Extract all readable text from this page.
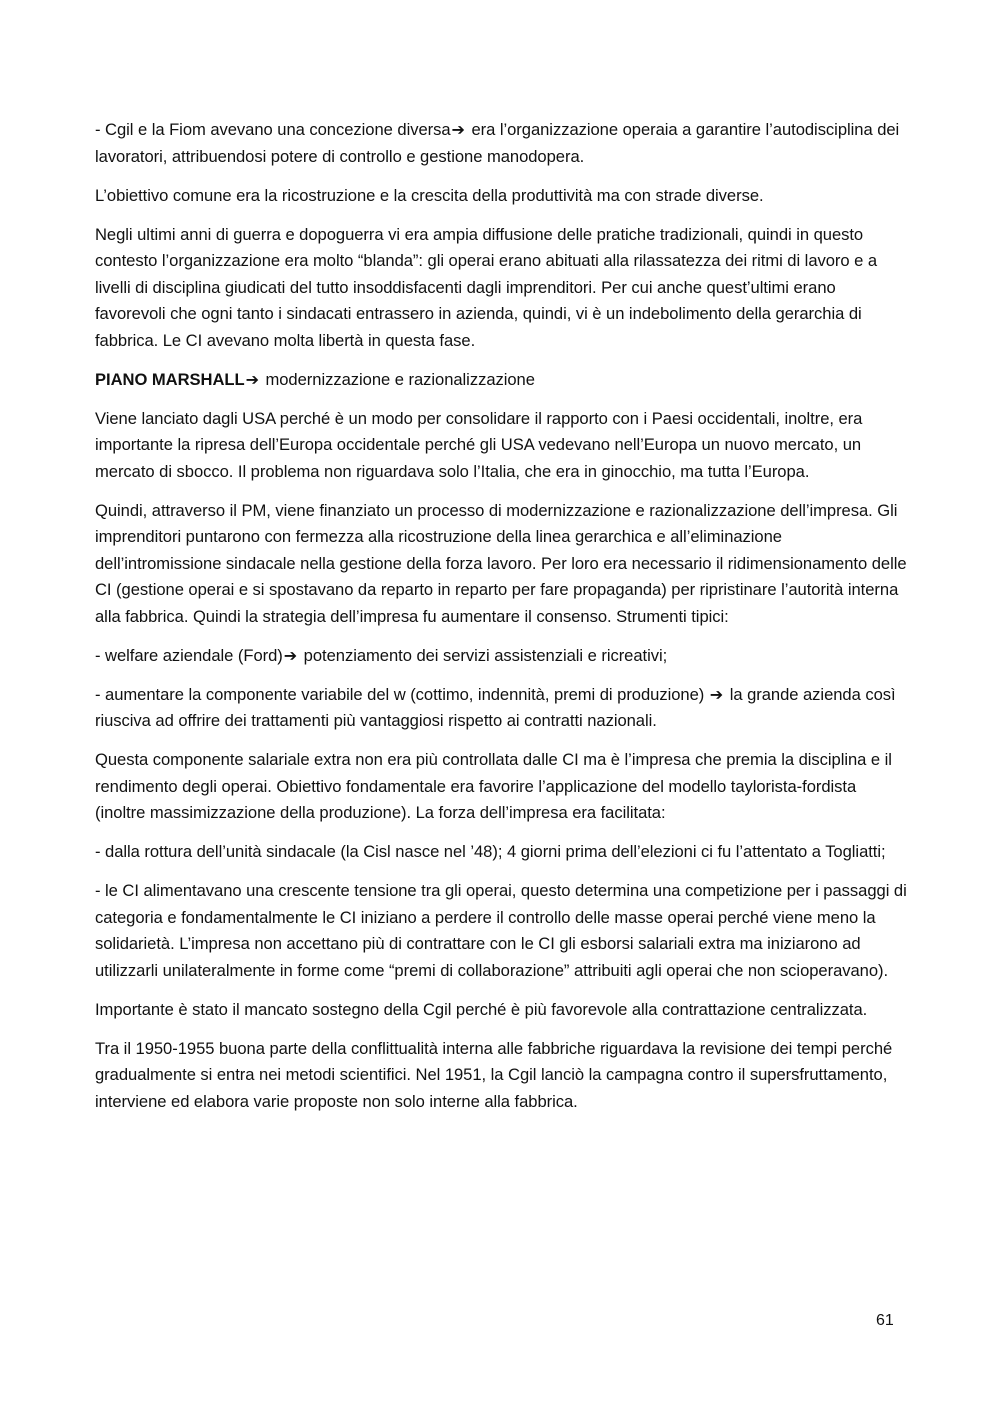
- Cgil e la Fiom avevano una concezione diversa➔ era l’organizzazione operaia a garantire l’autodisciplina dei lavoratori, attribuendosi potere di controllo e gestione manodopera.

L’obiettivo comune era la ricostruzione e la crescita della produttività ma con strade diverse.

Negli ultimi anni di guerra e dopoguerra vi era ampia diffusione delle pratiche tradizionali, quindi in questo contesto l’organizzazione era molto “blanda”: gli operai erano abituati alla rilassatezza dei ritmi di lavoro e a livelli di disciplina giudicati del tutto insoddisfacenti dagli imprenditori. Per cui anche quest’ultimi erano favorevoli che ogni tanto i sindacati entrassero in azienda, quindi, vi è un indebolimento della gerarchia di fabbrica. Le CI avevano molta libertà in questa fase.

PIANO MARSHALL➔ modernizzazione e razionalizzazione

Viene lanciato dagli USA perché è un modo per consolidare il rapporto con i Paesi occidentali, inoltre, era importante la ripresa dell’Europa occidentale perché gli USA vedevano nell’Europa un nuovo mercato, un mercato di sbocco. Il problema non riguardava solo l’Italia, che era in ginocchio, ma tutta l’Europa.

Quindi, attraverso il PM, viene finanziato un processo di modernizzazione e razionalizzazione dell’impresa. Gli imprenditori puntarono con fermezza alla ricostruzione della linea gerarchica e all’eliminazione dell’intromissione sindacale nella gestione della forza lavoro. Per loro era necessario il ridimensionamento delle CI (gestione operai e si spostavano da reparto in reparto per fare propaganda) per ripristinare l’autorità interna alla fabbrica. Quindi la strategia dell’impresa fu aumentare il consenso. Strumenti tipici:

- welfare aziendale (Ford)➔ potenziamento dei servizi assistenziali e ricreativi;

- aumentare la componente variabile del w (cottimo, indennità, premi di produzione) ➔ la grande azienda così riusciva ad offrire dei trattamenti più vantaggiosi rispetto ai contratti nazionali.

Questa componente salariale extra non era più controllata dalle CI ma è l’impresa che premia la disciplina e il rendimento degli operai. Obiettivo fondamentale era favorire l’applicazione del modello taylorista-fordista (inoltre massimizzazione della produzione). La forza dell’impresa era facilitata:

- dalla rottura dell’unità sindacale (la Cisl nasce nel ’48); 4 giorni prima dell’elezioni ci fu l’attentato a Togliatti;

- le CI alimentavano una crescente tensione tra gli operai, questo determina una competizione per i passaggi di categoria e fondamentalmente le CI iniziano a perdere il controllo delle masse operai perché viene meno la solidarietà. L’impresa non accettano più di contrattare con le CI gli esborsi salariali extra ma iniziarono ad utilizzarli unilateralmente in forme come “premi di collaborazione” attribuiti agli operai che non scioperavano).

Importante è stato il mancato sostegno della Cgil perché è più favorevole alla contrattazione centralizzata.

Tra il 1950-1955 buona parte della conflittualità interna alle fabbriche riguardava la revisione dei tempi perché gradualmente si entra nei metodi scientifici. Nel 1951, la Cgil lanciò la campagna contro il supersfruttamento, interviene ed elabora varie proposte non solo interne alla fabbrica.

61
